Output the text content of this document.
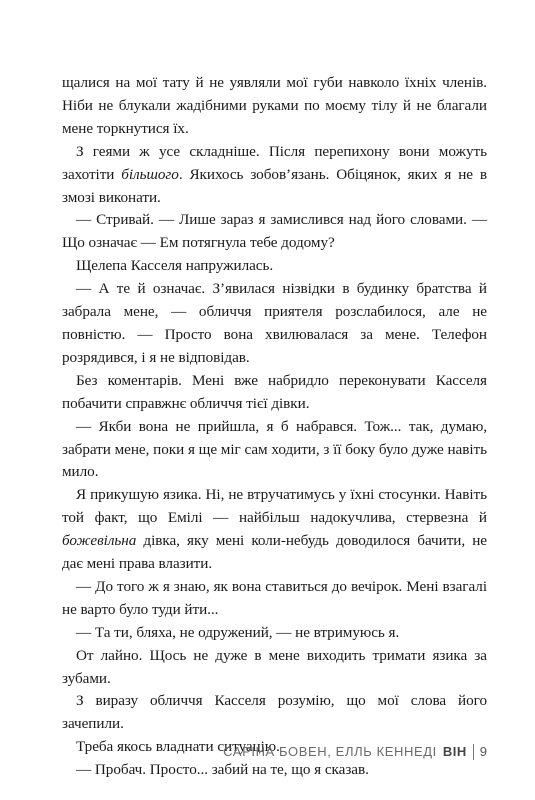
щалися на мої тату й не уявляли мої губи навколо їхніх членів. Ніби не блукали жадібними руками по моєму тілу й не благали мене торкнутися їх.

З геями ж усе складніше. Після перепихону вони можуть захотіти більшого. Якихось зобов’язань. Обіцянок, яких я не в змозі виконати.

— Стривай. — Лише зараз я замислився над його словами. — Що означає — Ем потягнула тебе додому?

Щелепа Касселя напружилась.

— А те й означає. З’явилася нізвідки в будинку братства й забрала мене, — обличчя приятеля розслабилося, але не повністю. — Просто вона хвилювалася за мене. Телефон розрядився, і я не відповідав.

Без коментарів. Мені вже набридло переконувати Касселя побачити справжнє обличчя тієї дівки.

— Якби вона не прийшла, я б набрався. Тож... так, думаю, забрати мене, поки я ще міг сам ходити, з її боку було дуже навіть мило.

Я прикушую язика. Ні, не втручатимусь у їхні стосунки. Навіть той факт, що Емілі — найбільш надокучлива, стервезна й божевільна дівка, яку мені коли-небудь доводилося бачити, не дає мені права влазити.

— До того ж я знаю, як вона ставиться до вечірок. Мені взагалі не варто було туди йти...

— Та ти, бляха, не одружений, — не втримуюсь я.

От лайно. Щось не дуже в мене виходить тримати язика за зубами.

З виразу обличчя Касселя розумію, що мої слова його зачепили.

Треба якось владнати ситуацію.

— Пробач. Просто... забий на те, що я сказав.

САРІНА БОВЕН, ЕЛЛЬ КЕННЕДІ ВІН 9
